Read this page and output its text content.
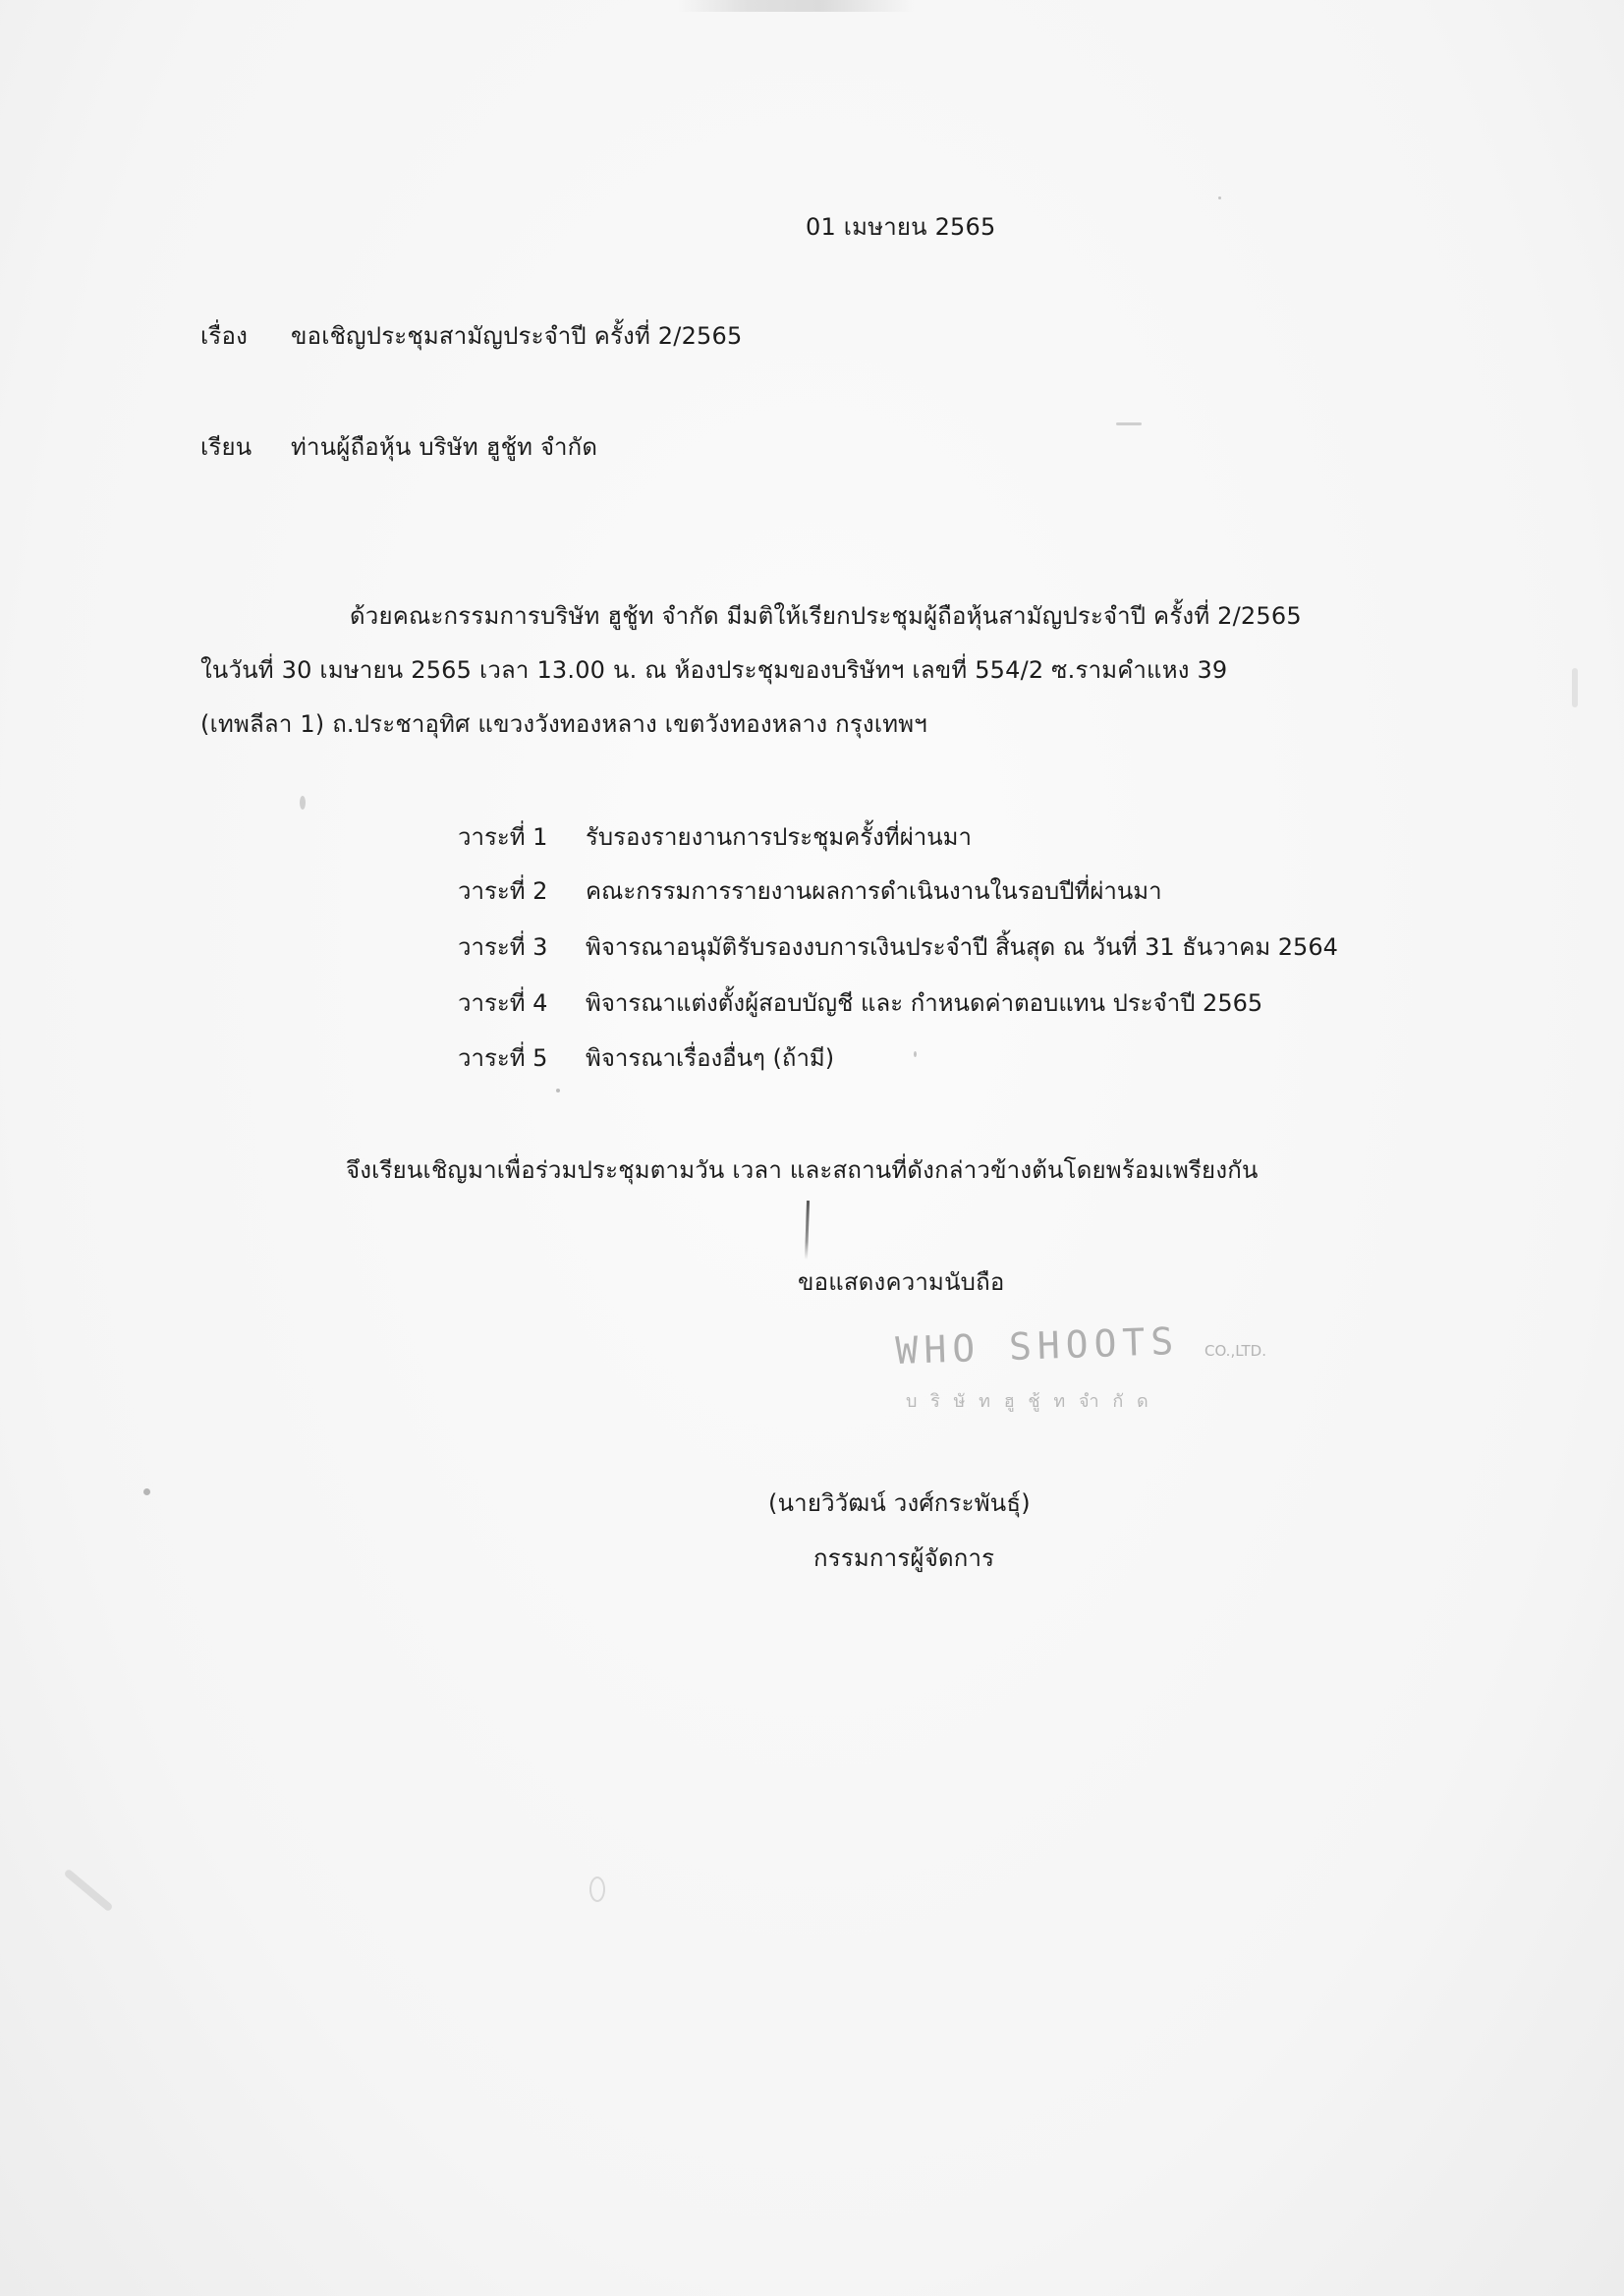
01 เมษายน 2565
เรื่อง ขอเชิญประชุมสามัญประจำปี ครั้งที่ 2/2565
เรียน ท่านผู้ถือหุ้น บริษัท ฮูชู้ท จำกัด
ด้วยคณะกรรมการบริษัท ฮูชู้ท จำกัด มีมติให้เรียกประชุมผู้ถือหุ้นสามัญประจำปี ครั้งที่ 2/2565
ในวันที่ 30 เมษายน 2565 เวลา 13.00 น. ณ ห้องประชุมของบริษัทฯ เลขที่ 554/2 ซ.รามคำแหง 39
(เทพลีลา 1) ถ.ประชาอุทิศ แขวงวังทองหลาง เขตวังทองหลาง กรุงเทพฯ
วาระที่ 1 รับรองรายงานการประชุมครั้งที่ผ่านมา
วาระที่ 2 คณะกรรมการรายงานผลการดำเนินงานในรอบปีที่ผ่านมา
วาระที่ 3 พิจารณาอนุมัติรับรองงบการเงินประจำปี สิ้นสุด ณ วันที่ 31 ธันวาคม 2564
วาระที่ 4 พิจารณาแต่งตั้งผู้สอบบัญชี และ กำหนดค่าตอบแทน ประจำปี 2565
วาระที่ 5 พิจารณาเรื่องอื่นๆ (ถ้ามี)
จึงเรียนเชิญมาเพื่อร่วมประชุมตามวัน เวลา และสถานที่ดังกล่าวข้างต้นโดยพร้อมเพรียงกัน
ขอแสดงความนับถือ
WHO SHOOTS CO.,LTD.
บ ริ ษั ท ฮู ชู้ ท จำ กั ด
(นายวิวัฒน์ วงศ์กระพันธุ์)
กรรมการผู้จัดการ
